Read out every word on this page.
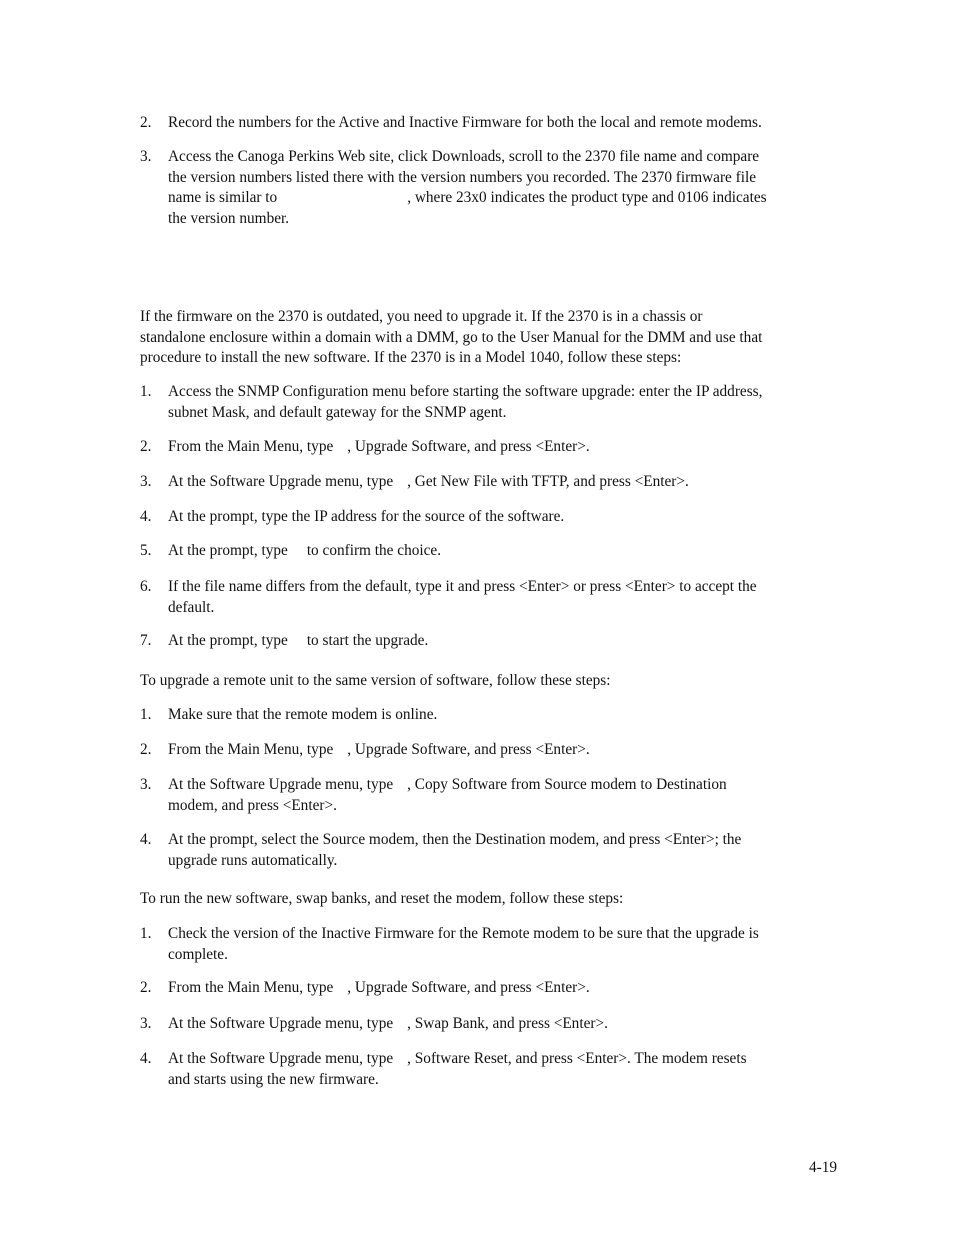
2. Record the numbers for the Active and Inactive Firmware for both the local and remote modems.
3. Access the Canoga Perkins Web site, click Downloads, scroll to the 2370 file name and compare
the version numbers listed there with the version numbers you recorded. The 2370 firmware file
name is similar to	, where 23x0 indicates the product type and 0106 indicates
the version number.
If the firmware on the 2370 is outdated, you need to upgrade it. If the 2370 is in a chassis or
standalone enclosure within a domain with a DMM, go to the User Manual for the DMM and use that
procedure to install the new software. If the 2370 is in a Model 1040, follow these steps:
1. Access the SNMP Configuration menu before starting the software upgrade: enter the IP address,
subnet Mask, and default gateway for the SNMP agent.
2. From the Main Menu, type , Upgrade Software, and press <Enter>.
3. At the Software Upgrade menu, type , Get New File with TFTP, and press <Enter>.
4. At the prompt, type the IP address for the source of the software.
5. At the prompt, type to confirm the choice.
6. If the file name differs from the default, type it and press <Enter> or press <Enter> to accept the
default.
7. At the prompt, type to start the upgrade.
To upgrade a remote unit to the same version of software, follow these steps:
1. Make sure that the remote modem is online.
2. From the Main Menu, type , Upgrade Software, and press <Enter>.
3. At the Software Upgrade menu, type , Copy Software from Source modem to Destination
modem, and press <Enter>.
4. At the prompt, select the Source modem, then the Destination modem, and press <Enter>; the
upgrade runs automatically.
To run the new software, swap banks, and reset the modem, follow these steps:
1. Check the version of the Inactive Firmware for the Remote modem to be sure that the upgrade is
complete.
2. From the Main Menu, type , Upgrade Software, and press <Enter>.
3. At the Software Upgrade menu, type , Swap Bank, and press <Enter>.
4. At the Software Upgrade menu, type , Software Reset, and press <Enter>. The modem resets
and starts using the new firmware.
4-19
